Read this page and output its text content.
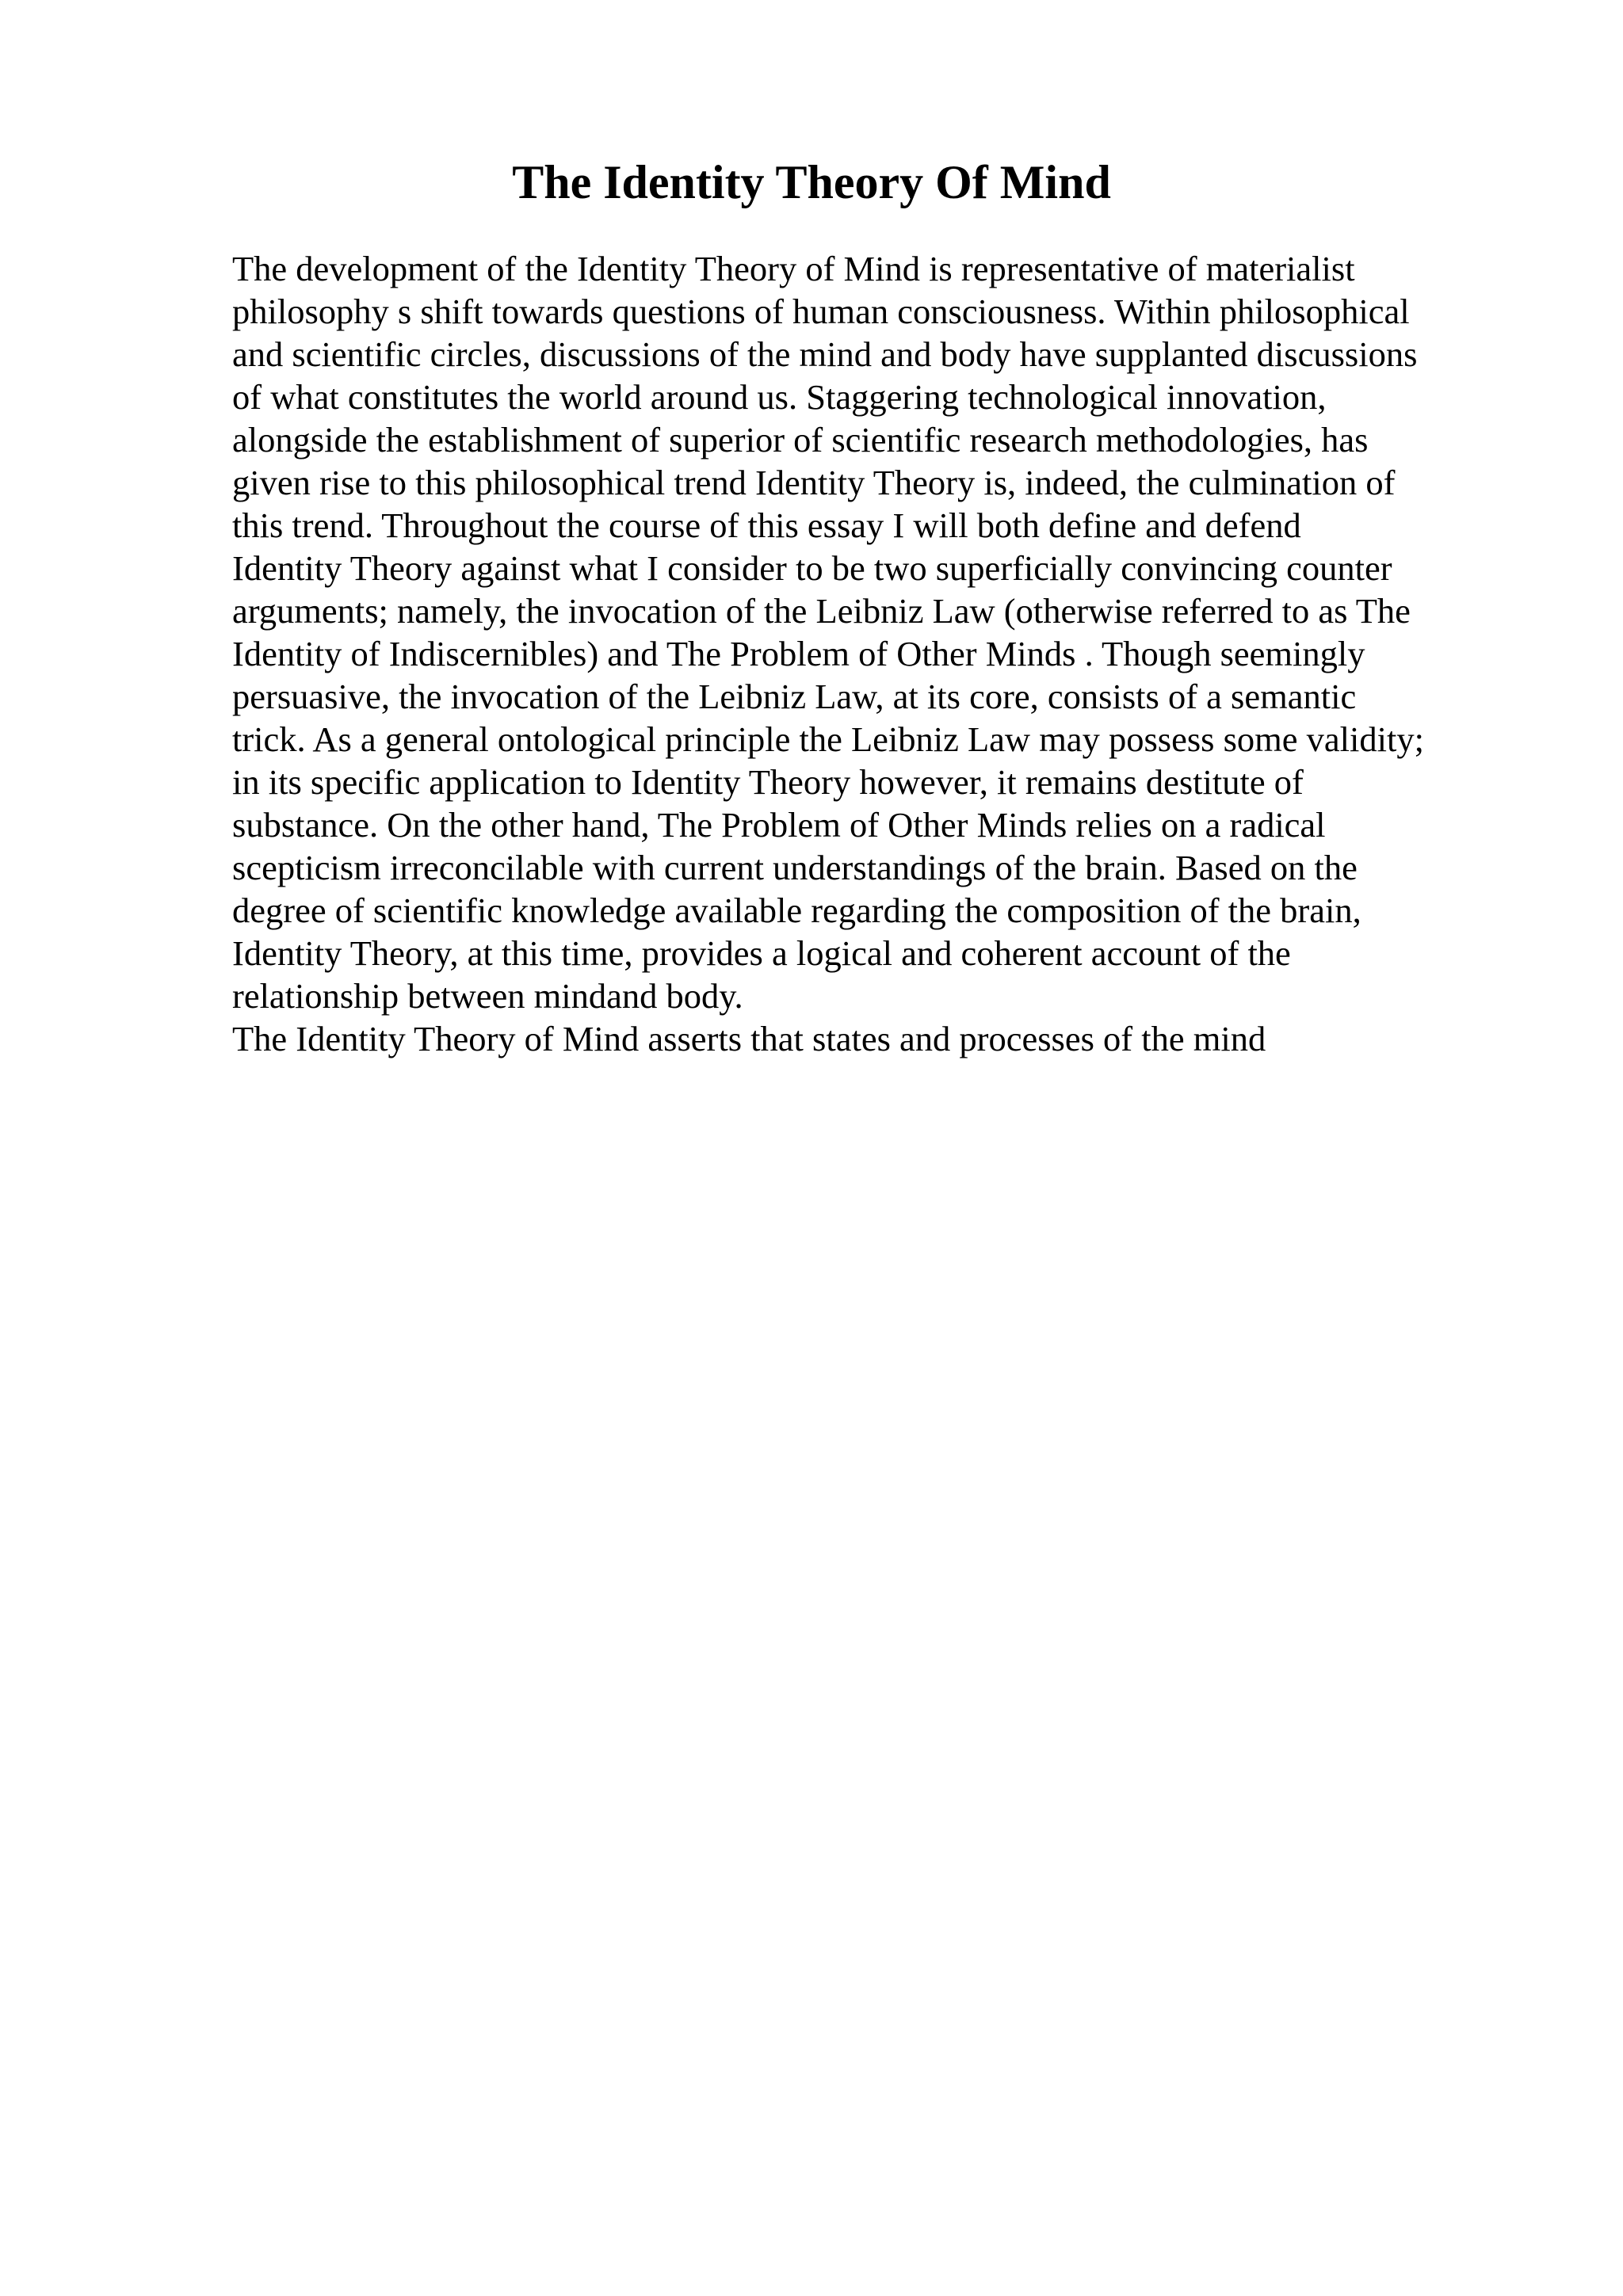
The Identity Theory Of Mind
The development of the Identity Theory of Mind is representative of materialist
philosophy s shift towards questions of human consciousness. Within philosophical
and scientific circles, discussions of the mind and body have supplanted discussions
of what constitutes the world around us. Staggering technological innovation,
alongside the establishment of superior of scientific research methodologies, has
given rise to this philosophical trend Identity Theory is, indeed, the culmination of
this trend. Throughout the course of this essay I will both define and defend
Identity Theory against what I consider to be two superficially convincing counter
arguments; namely, the invocation of the Leibniz Law (otherwise referred to as The
Identity of Indiscernibles) and The Problem of Other Minds . Though seemingly
persuasive, the invocation of the Leibniz Law, at its core, consists of a semantic
trick. As a general ontological principle the Leibniz Law may possess some validity;
in its specific application to Identity Theory however, it remains destitute of
substance. On the other hand, The Problem of Other Minds relies on a radical
scepticism irreconcilable with current understandings of the brain. Based on the
degree of scientific knowledge available regarding the composition of the brain,
Identity Theory, at this time, provides a logical and coherent account of the
relationship between mindand body.
The Identity Theory of Mind asserts that states and processes of the mind
